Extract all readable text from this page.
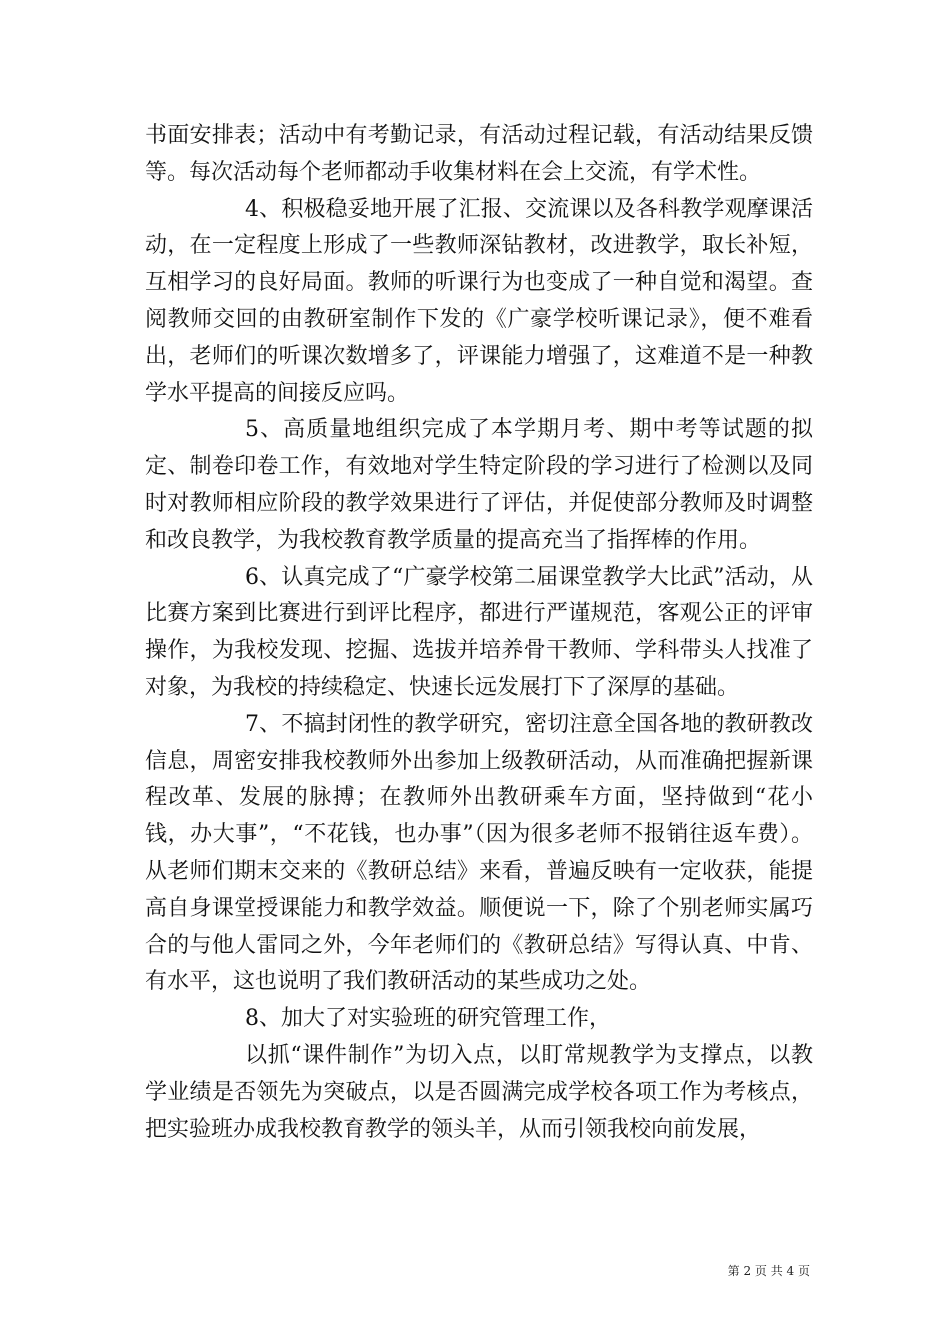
书面安排表；活动中有考勤记录，有活动过程记载，有活动结果反馈等。每次活动每个老师都动手收集材料在会上交流，有学术性。

4、积极稳妥地开展了汇报、交流课以及各科教学观摩课活动，在一定程度上形成了一些教师深钻教材，改进教学，取长补短，互相学习的良好局面。教师的听课行为也变成了一种自觉和渴望。查阅教师交回的由教研室制作下发的《广豪学校听课记录》，便不难看出，老师们的听课次数增多了，评课能力增强了，这难道不是一种教学水平提高的间接反应吗。

5、高质量地组织完成了本学期月考、期中考等试题的拟定、制卷印卷工作，有效地对学生特定阶段的学习进行了检测以及同时对教师相应阶段的教学效果进行了评估，并促使部分教师及时调整和改良教学，为我校教育教学质量的提高充当了指挥棒的作用。

6、认真完成了“广豪学校第二届课堂教学大比武”活动，从比赛方案到比赛进行到评比程序，都进行严谨规范，客观公正的评审操作，为我校发现、挖掘、选拔并培养骨干教师、学科带头人找准了对象，为我校的持续稳定、快速长远发展打下了深厚的基础。

7、不搞封闭性的教学研究，密切注意全国各地的教研教改信息，周密安排我校教师外出参加上级教研活动，从而准确把握新课程改革、发展的脉搏；在教师外出教研乘车方面，坚持做到“花小钱，办大事”，“不花钱，也办事”（因为很多老师不报销往返车费）。从老师们期末交来的《教研总结》来看，普遍反映有一定收获，能提高自身课堂授课能力和教学效益。顺便说一下，除了个别老师实属巧合的与他人雷同之外，今年老师们的《教研总结》写得认真、中肯、有水平，这也说明了我们教研活动的某些成功之处。

8、加大了对实验班的研究管理工作，

以抓“课件制作”为切入点，以盯常规教学为支撑点，以教学业绩是否领先为突破点，以是否圆满完成学校各项工作为考核点，把实验班办成我校教育教学的领头羊，从而引领我校向前发展，

第 2 页 共 4 页
